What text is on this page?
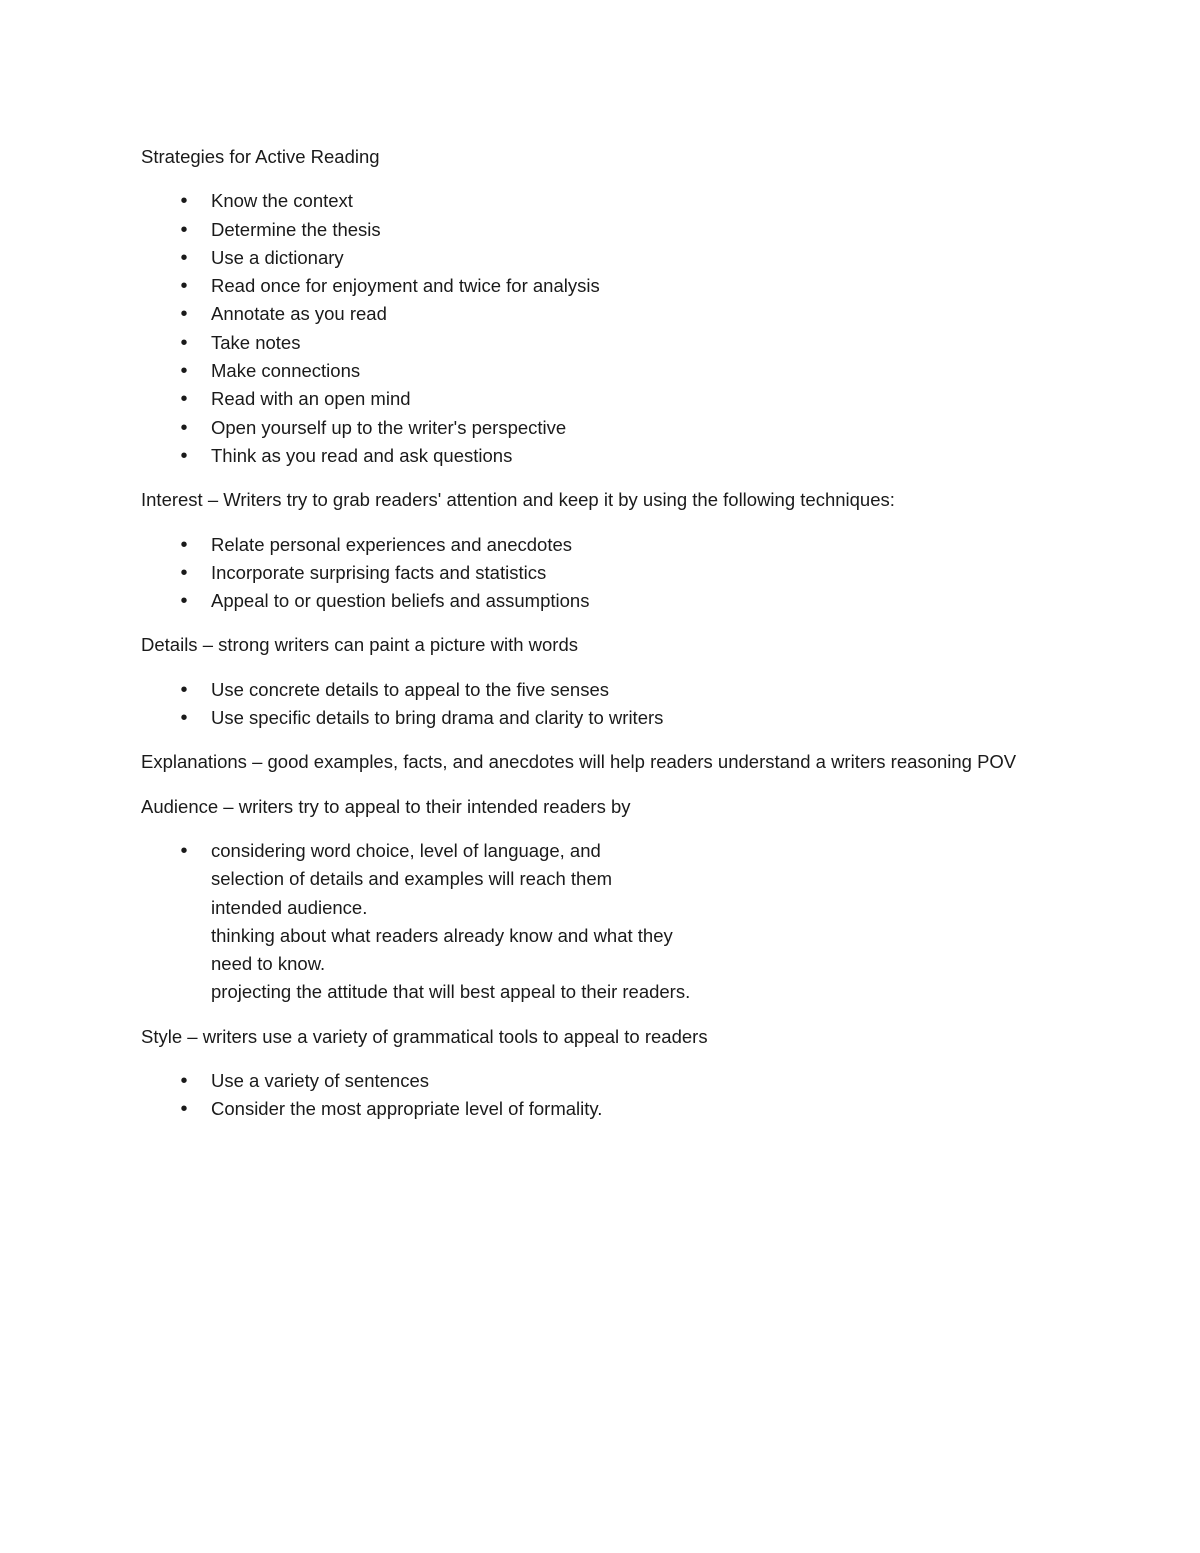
Strategies for Active Reading

•
Know the context
•
Determine the thesis
•
Use a dictionary
•
Read once for enjoyment and twice for analysis
•
Annotate as you read
•
Take notes
•
Make connections
•
Read with an open mind
•
Open yourself up to the writer's perspective
•
Think as you read and ask questions

Interest – Writers try to grab readers' attention and keep it by using the following techniques:

•
Relate personal experiences and anecdotes
•
Incorporate surprising facts and statistics
•
Appeal to or question beliefs and assumptions

Details – strong writers can paint a picture with words

•
Use concrete details to appeal to the five senses
•
Use specific details to bring drama and clarity to writers

Explanations – good examples, facts, and anecdotes will help readers understand a writers reasoning POV

Audience – writers try to appeal to their intended readers by

•
considering word choice, level of language, and
selection of details and examples will reach them
intended audience.
thinking about what readers already know and what they
need to know.
projecting the attitude that will best appeal to their readers.

Style – writers use a variety of grammatical tools to appeal to readers

•
Use a variety of sentences
•
Consider the most appropriate level of formality.
